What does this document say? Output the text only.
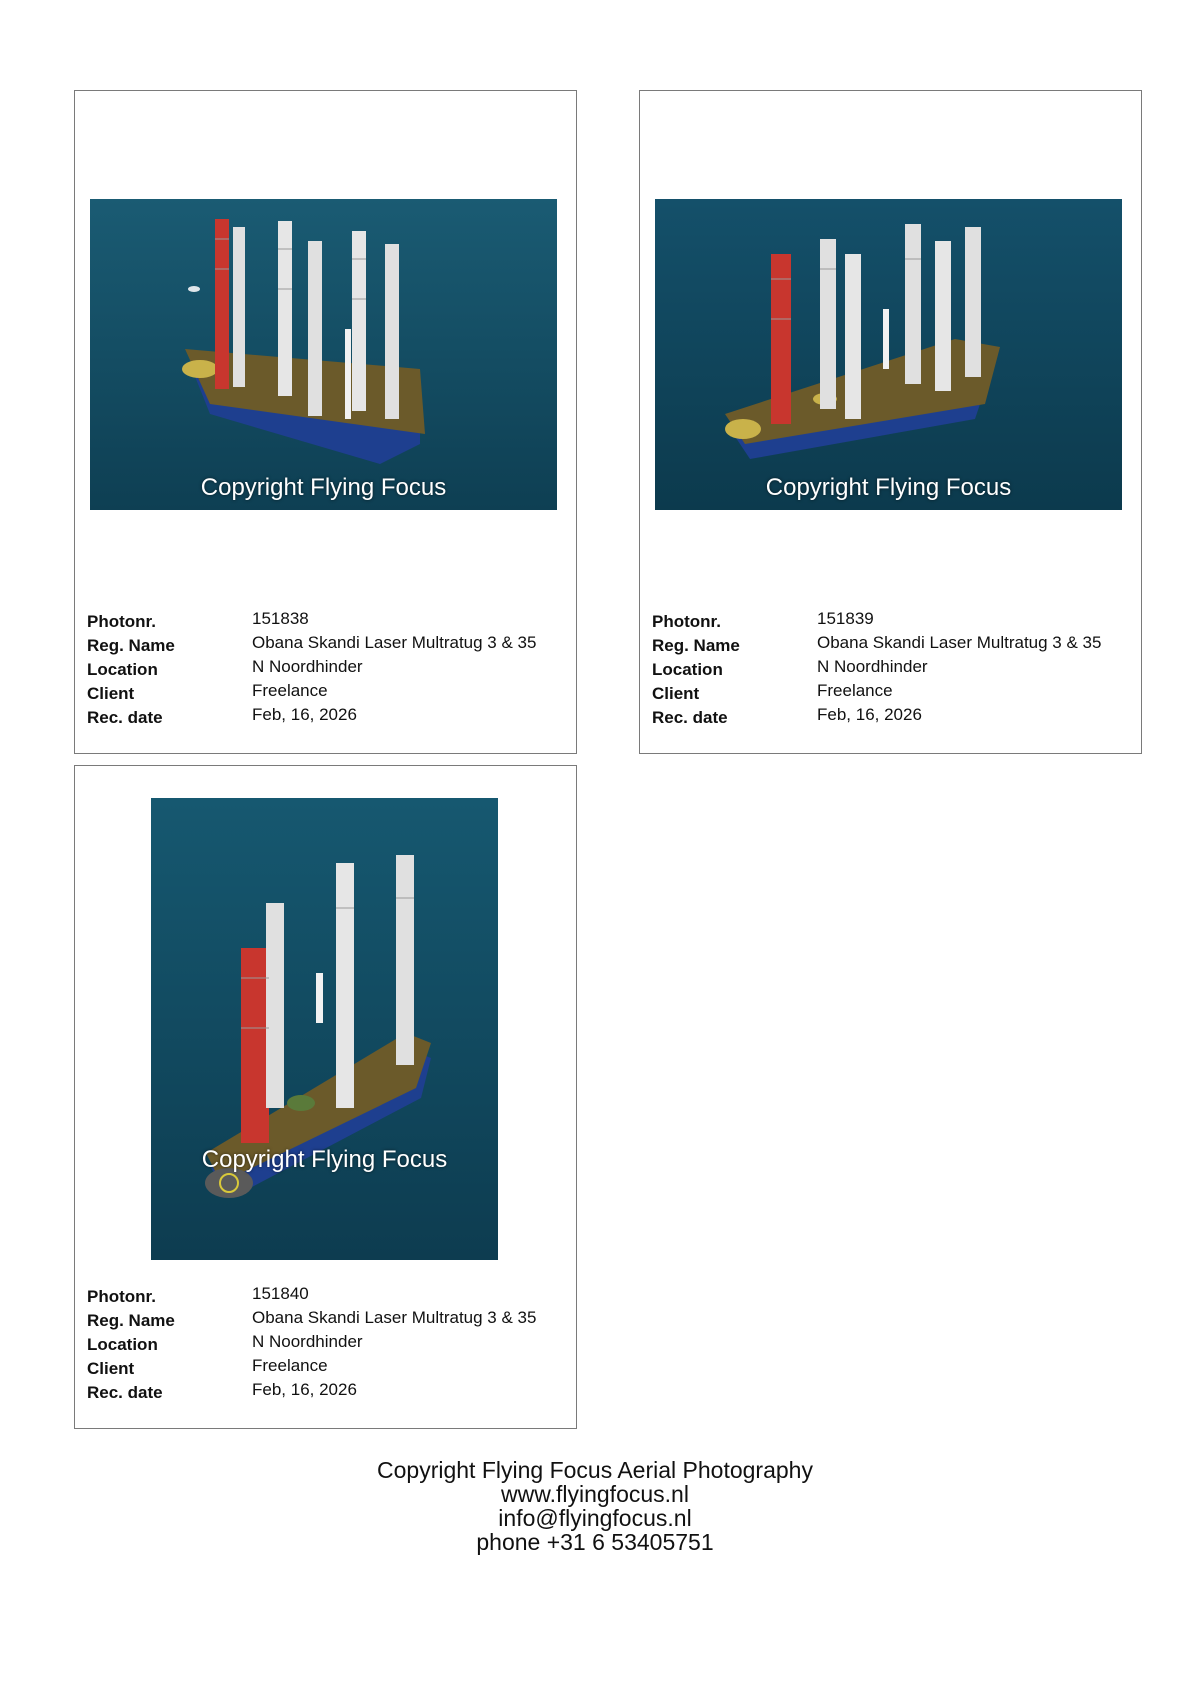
Copyright Flying Focus
Photonr.	151838
Reg. Name	Obana Skandi Laser Multratug 3 & 35
Location	N Noordhinder
Client	Freelance
Rec. date	Feb, 16, 2026
Copyright Flying Focus
Photonr.	151839
Reg. Name	Obana Skandi Laser Multratug 3 & 35
Location	N Noordhinder
Client	Freelance
Rec. date	Feb, 16, 2026
Copyright Flying Focus
Photonr.	151840
Reg. Name	Obana Skandi Laser Multratug 3 & 35
Location	N Noordhinder
Client	Freelance
Rec. date	Feb, 16, 2026
Copyright Flying Focus Aerial Photography
www.flyingfocus.nl
info@flyingfocus.nl
phone +31 6 53405751
